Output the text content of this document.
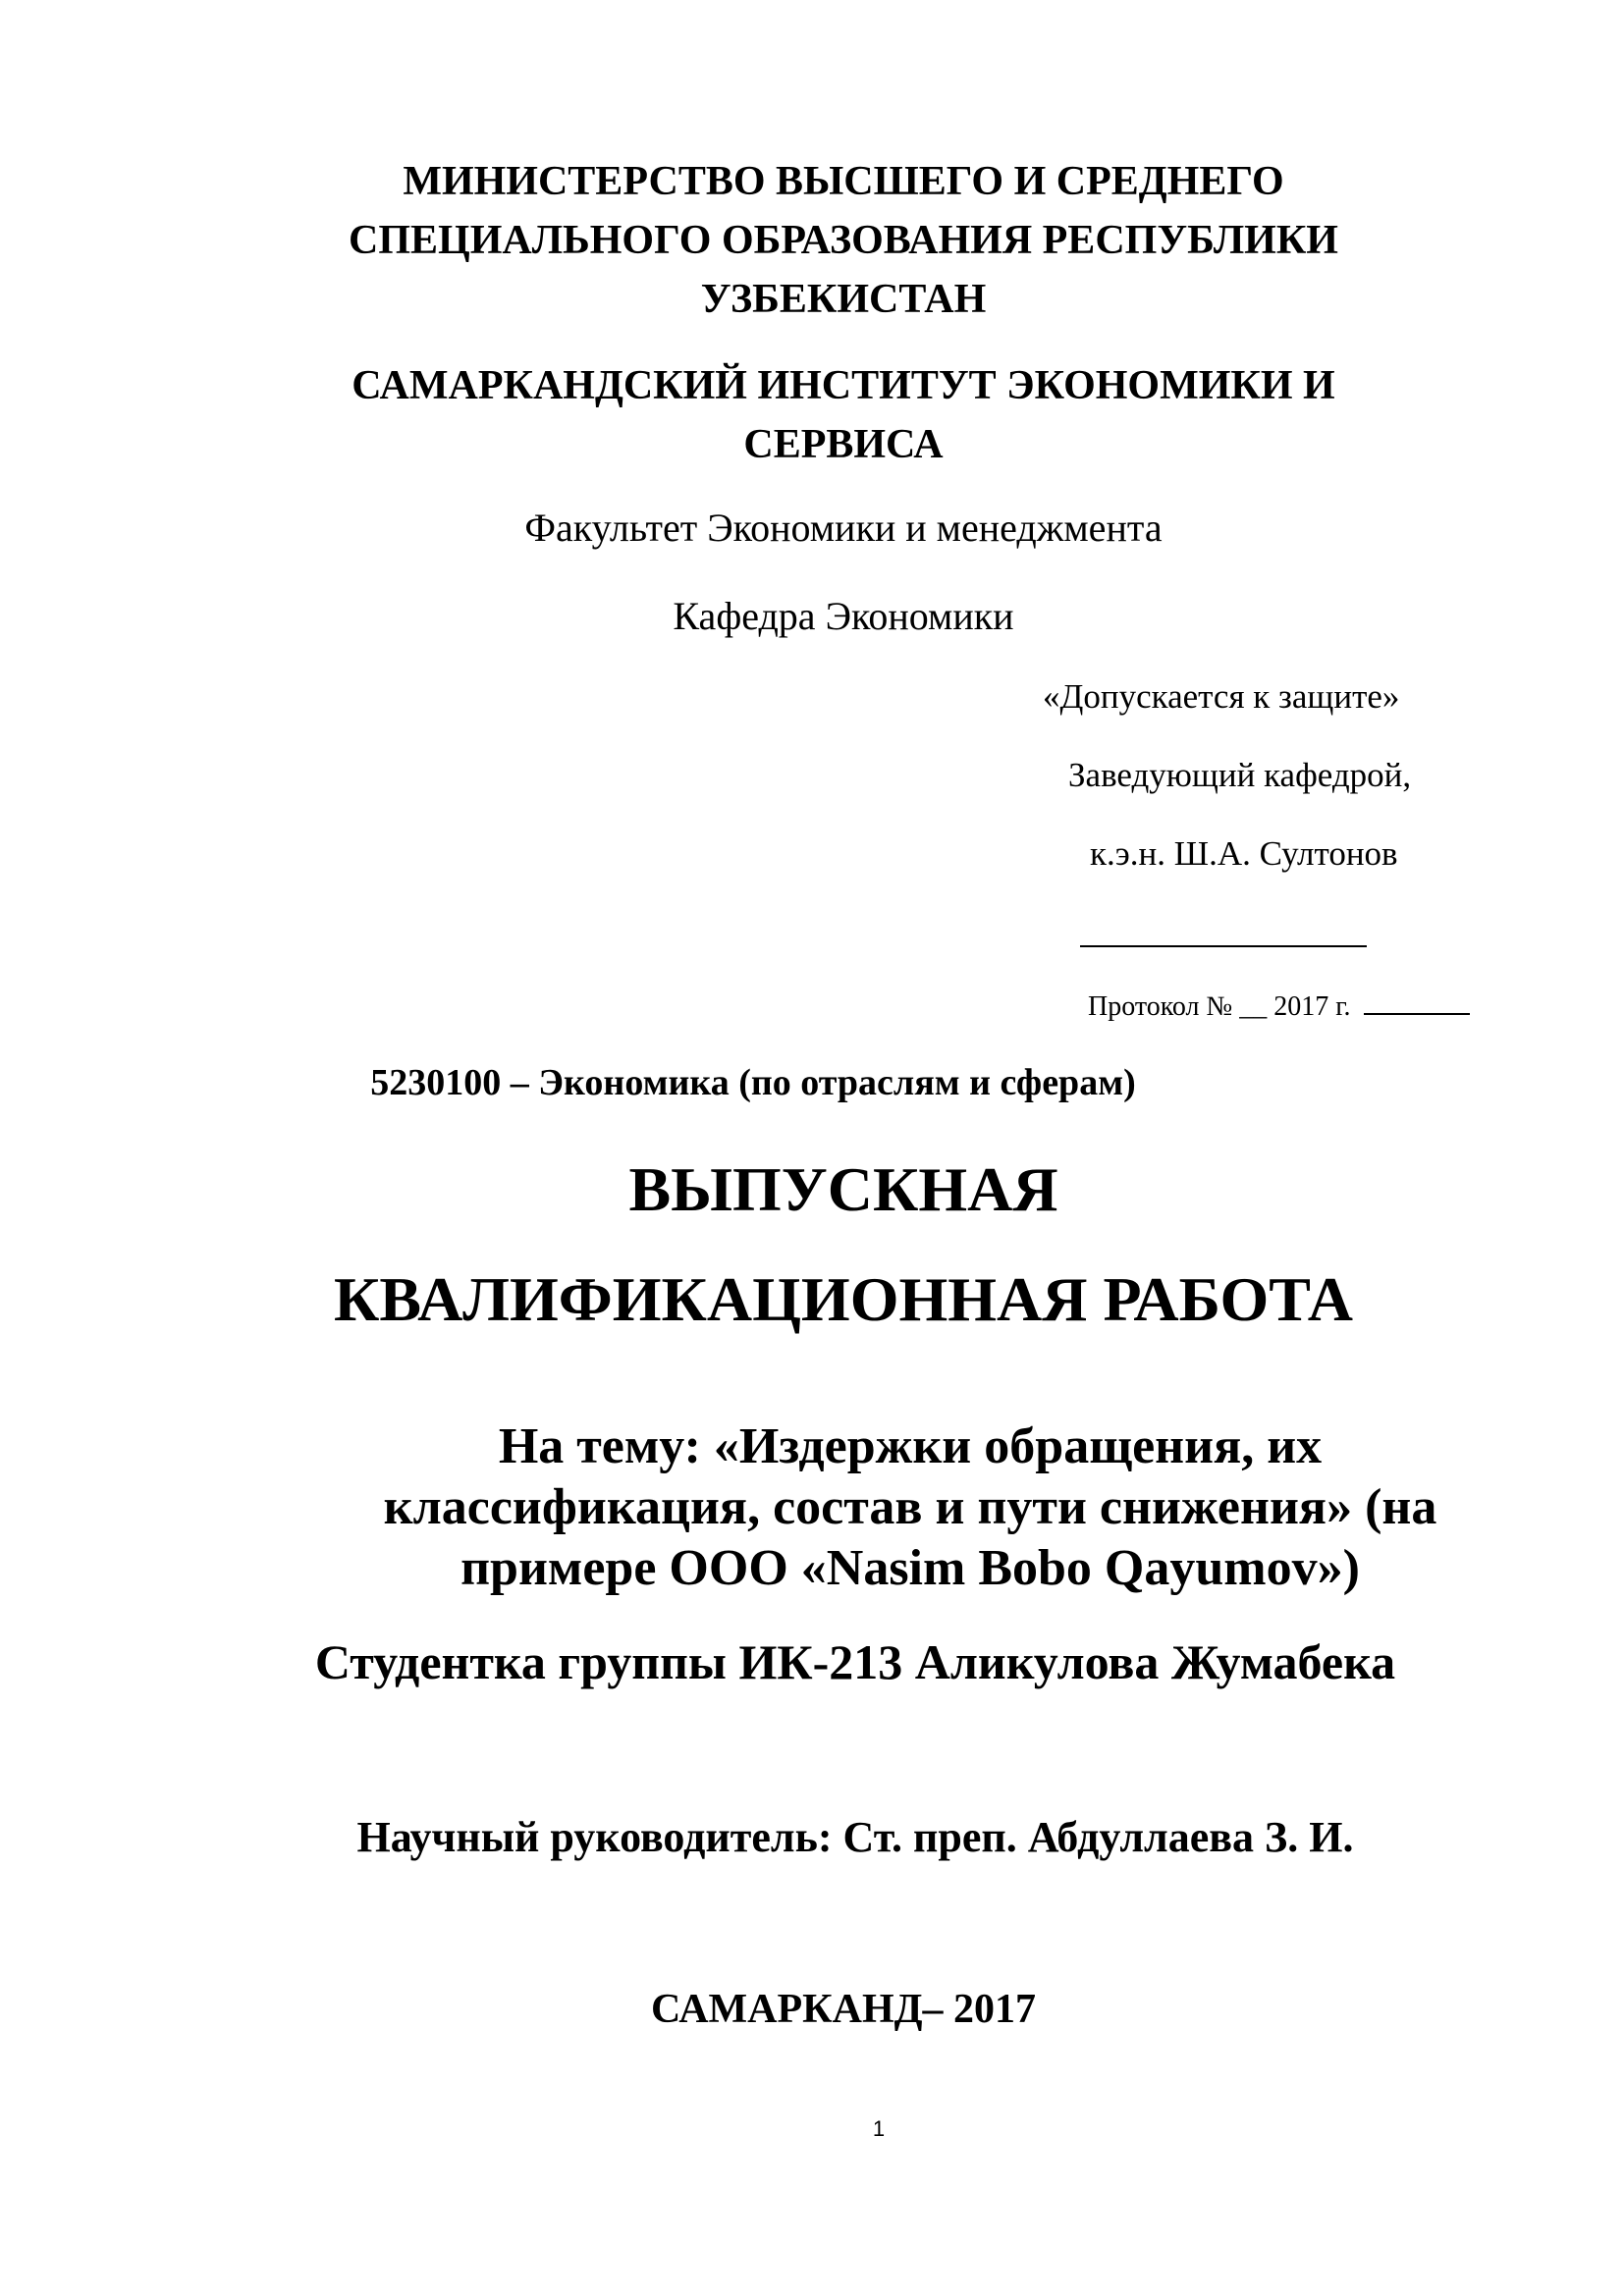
МИНИСТЕРСТВО ВЫСШЕГО И СРЕДНЕГО
СПЕЦИАЛЬНОГО ОБРАЗОВАНИЯ РЕСПУБЛИКИ
УЗБЕКИСТАН
САМАРКАНДСКИЙ ИНСТИТУТ ЭКОНОМИКИ И
СЕРВИСА
Факультет Экономики и менеджмента
Кафедра Экономики
«Допускается к защите»
Заведующий кафедрой,
к.э.н. Ш.А. Султонов
Протокол № __ 2017 г.
5230100 – Экономика (по отраслям и сферам)
ВЫПУСКНАЯ
КВАЛИФИКАЦИОННАЯ РАБОТА
На тему: «Издержки обращения, их
классификация, состав и пути снижения» (на
примере ООО «Nasim Bobo Qayumov»)
Студентка группы ИК-213 Аликулова Жумабека
Научный руководитель: Ст. преп. Абдуллаева З. И.
САМАРКАНД– 2017
1
